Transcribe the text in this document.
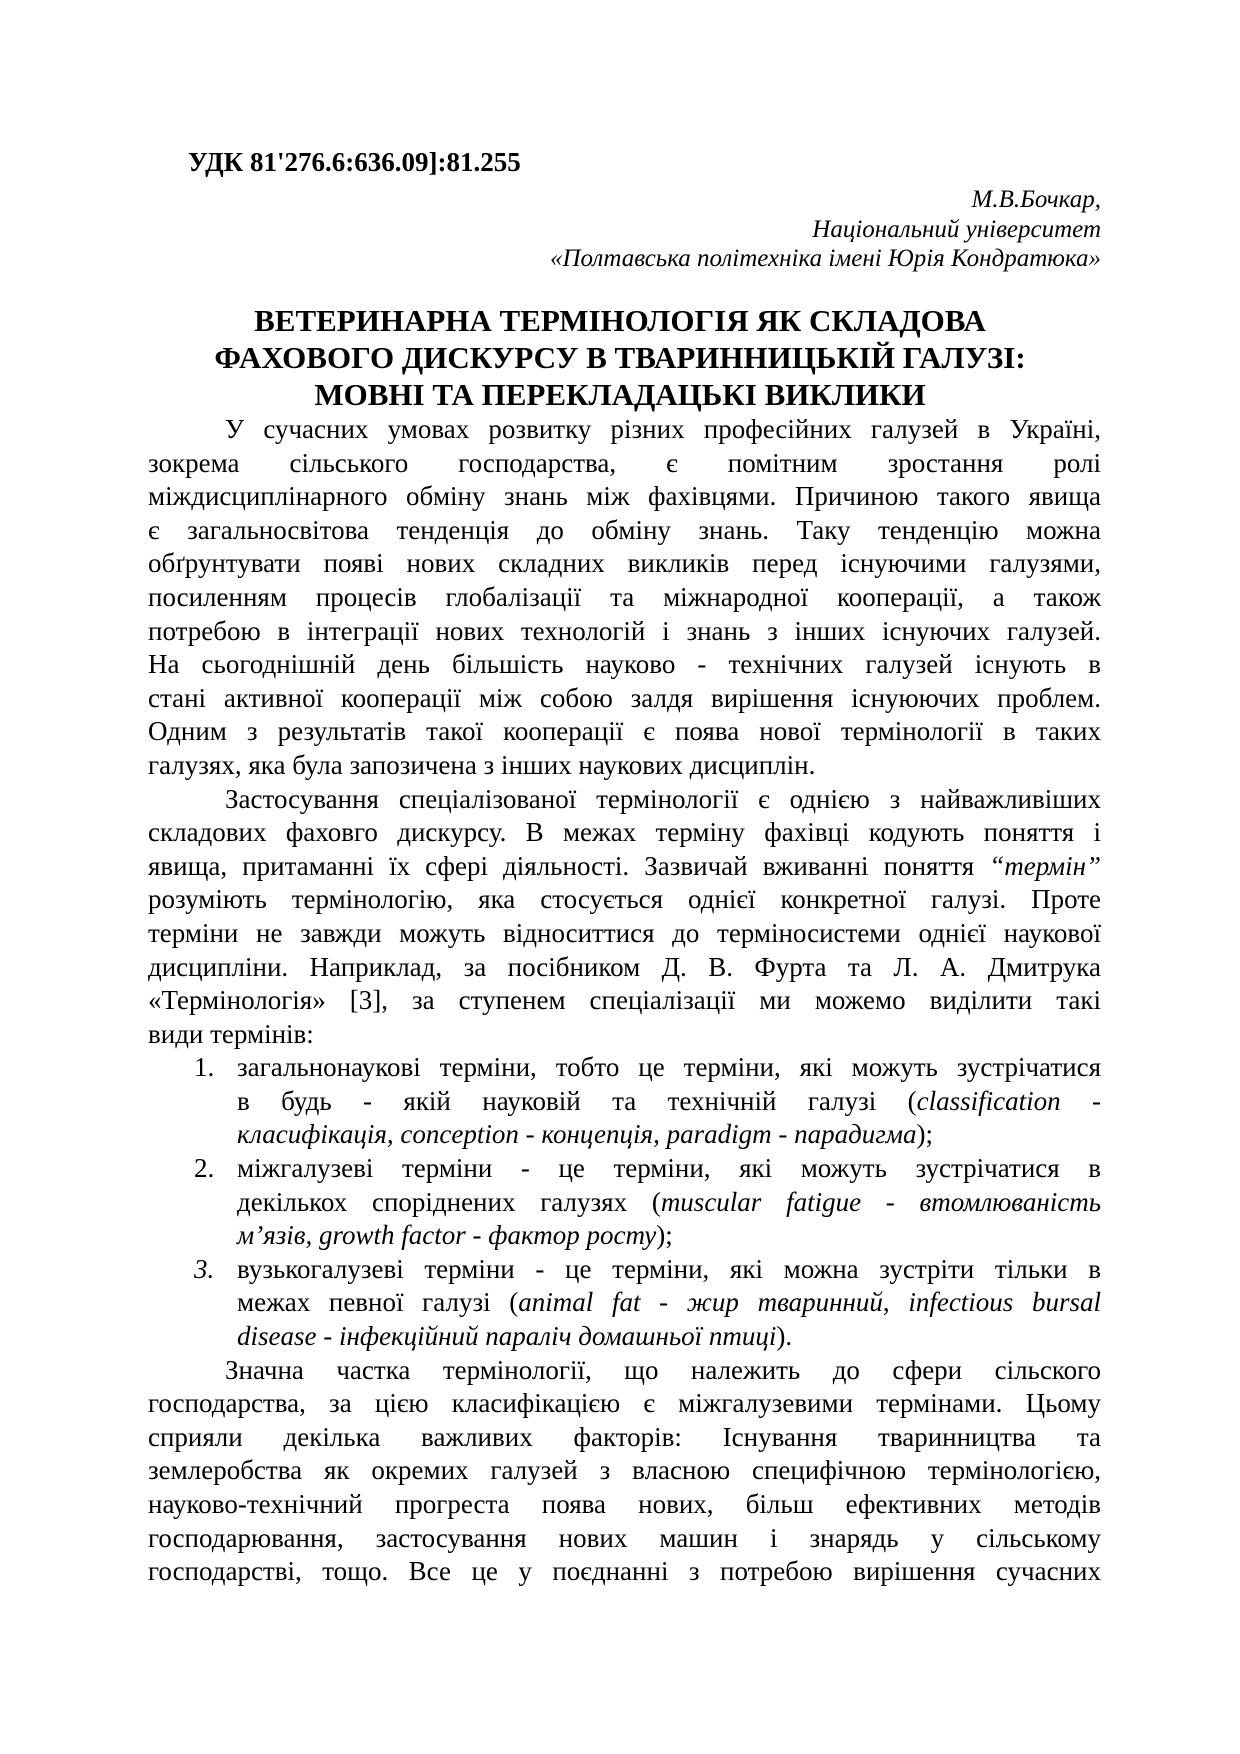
УДК 81'276.6:636.09]:81.255
М.В.Бочкар,
Національний університет
«Полтавська політехніка імені Юрія Кондратюка»
ВЕТЕРИНАРНА ТЕРМІНОЛОГІЯ ЯК СКЛАДОВА
ФАХОВОГО ДИСКУРСУ В ТВАРИННИЦЬКІЙ ГАЛУЗІ:
МОВНІ ТА ПЕРЕКЛАДАЦЬКІ ВИКЛИКИ
У сучасних умовах розвитку різних професійних галузей в Україні,
зокрема сільського господарства, є помітним зростання ролі
міждисциплінарного обміну знань між фахівцями. Причиною такого явища
є загальносвітова тенденція до обміну знань. Таку тенденцію можна
обґрунтувати появі нових складних викликів перед існуючими галузями,
посиленням процесів глобалізації та міжнародної кооперації, а також
потребою в інтеграції нових технологій і знань з інших існуючих галузей.
На сьогоднішній день більшість науково - технічних галузей існують в
стані активної кооперації між собою залдя вирішення існуюючих проблем.
Одним з результатів такої кооперації є поява нової термінології в таких
галузях, яка була запозичена з інших наукових дисциплін.
Застосування спеціалізованої термінології є однією з найважливіших
складових фаховго дискурсу. В межах терміну фахівці кодують поняття і
явища, притаманні їх сфері діяльності. Зазвичай вживанні поняття “термін”
розуміють термінологію, яка стосується однієї конкретної галузі. Проте
терміни не завжди можуть відноситтися до терміносистеми однієї наукової
дисципліни. Наприклад, за посібником Д. В. Фурта та Л. А. Дмитрука
«Термінологія» [3], за ступенем спеціалізації ми можемо виділити такі
види термінів:
1. загальнонаукові терміни, тобто це терміни, які можуть зустрічатися
в будь - якій науковій та технічній галузі (classification -
класифікація, conception - концепція, paradigm - парадигма);
2. міжгалузеві терміни - це терміни, які можуть зустрічатися в
декількох споріднених галузях (muscular fatigue - втомлюваність
м’язів, growth factor - фактор росту);
3. вузькогалузеві терміни - це терміни, які можна зустріти тільки в
межах певної галузі (animal fat - жир тваринний, infectious bursal
disease - інфекційний параліч домашньої птиці).
Значна частка термінології, що належить до сфери сільского
господарства, за цією класифікацією є міжгалузевими термінами. Цьому
сприяли декілька важливих факторів: Існування тваринництва та
землеробства як окремих галузей з власною специфічною термінологією,
науково-технічний прогреста поява нових, більш ефективних методів
господарювання, застосування нових машин і знарядь у сільському
господарстві, тощо. Все це у поєднанні з потребою вирішення сучасних
